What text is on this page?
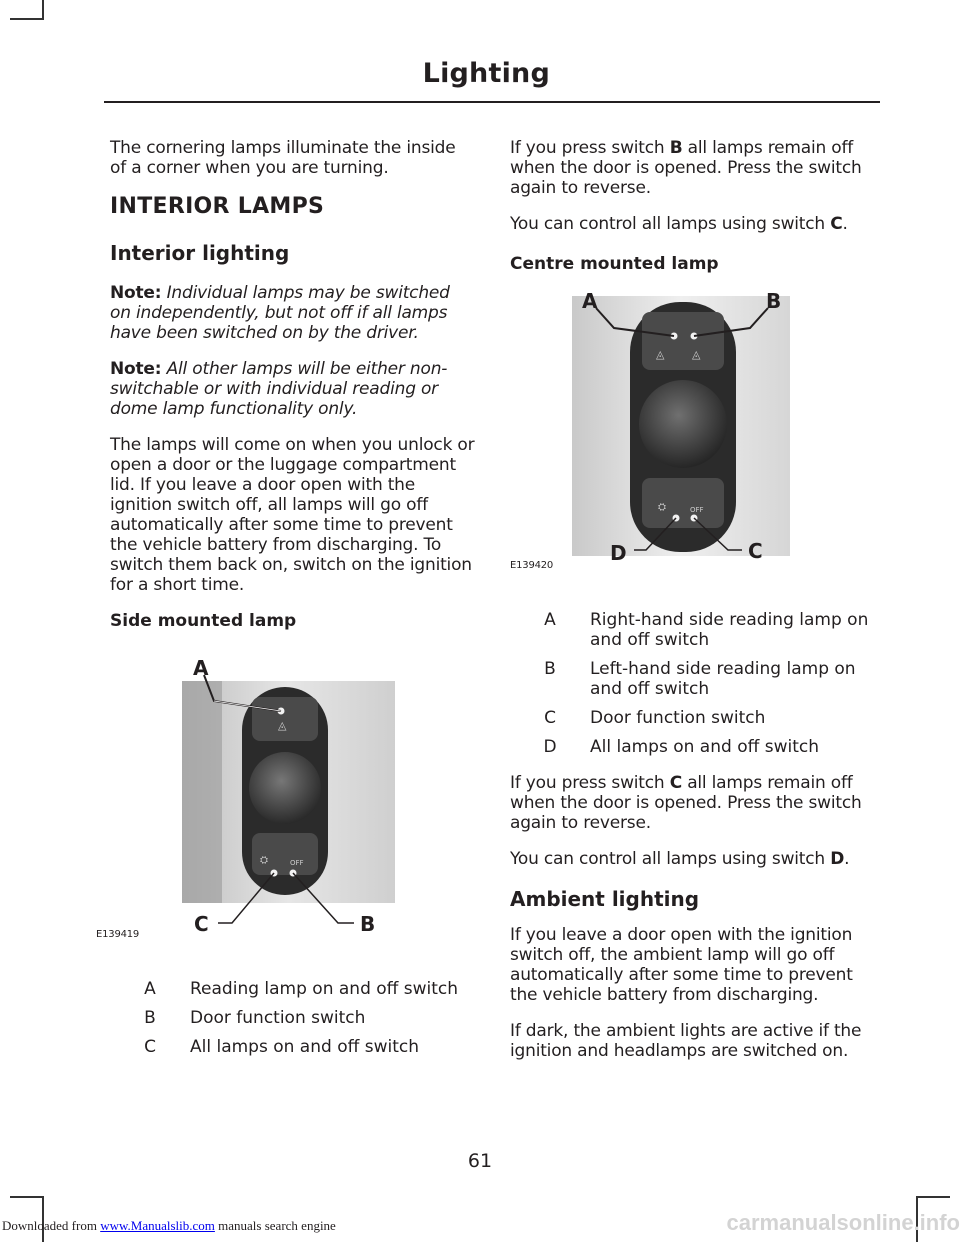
Lighting

The cornering lamps illuminate the inside of a corner when you are turning.

INTERIOR LAMPS
Interior lighting

Note: Individual lamps may be switched on independently, but not off if all lamps have been switched on by the driver.

Note: All other lamps will be either non-switchable or with individual reading or dome lamp functionality only.

The lamps will come on when you unlock or open a door or the luggage compartment lid. If you leave a door open with the ignition switch off, all lamps will go off automatically after some time to prevent the vehicle battery from discharging. To switch them back on, switch on the ignition for a short time.

Side mounted lamp
◬
⛭	OFF
A
C	B
E139419
A	Reading lamp on and off switch
B	Door function switch
C	All lamps on and off switch

If you press switch B all lamps remain off when the door is opened. Press the switch again to reverse.

You can control all lamps using switch C.

Centre mounted lamp
◬	◬
⛭	OFF
A	B
D	C
E139420
A	Right-hand side reading lamp on and off switch
B	Left-hand side reading lamp on and off switch
C	Door function switch
D	All lamps on and off switch

If you press switch C all lamps remain off when the door is opened. Press the switch again to reverse.

You can control all lamps using switch D.

Ambient lighting

If you leave a door open with the ignition switch off, the ambient lamp will go off automatically after some time to prevent the vehicle battery from discharging.

If dark, the ambient lights are active if the ignition and headlamps are switched on.

61
Downloaded from www.Manualslib.com manuals search engine	carmanualsonline.info
